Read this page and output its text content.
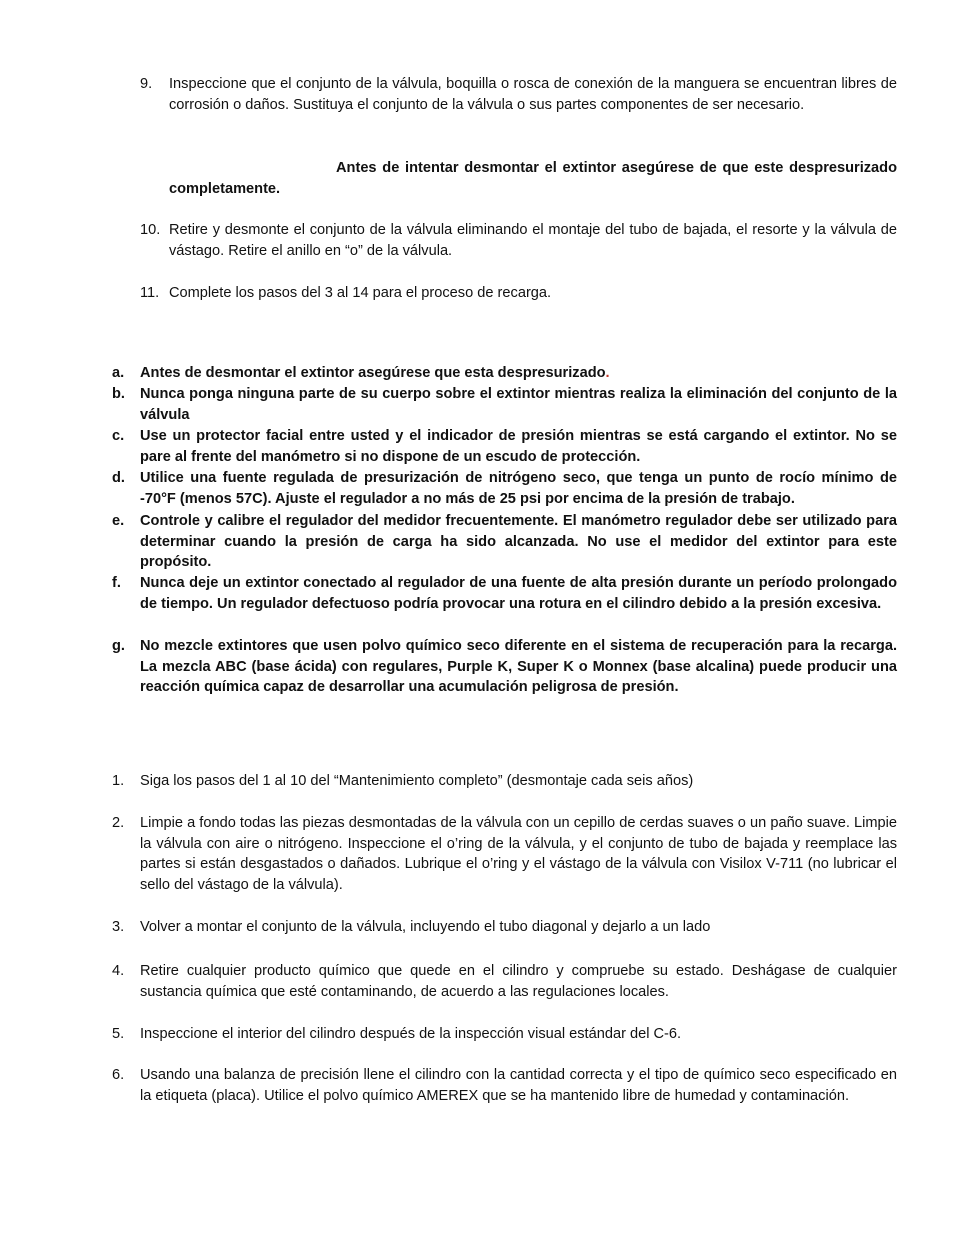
9.	Inspeccione que el conjunto de la válvula, boquilla o rosca de conexión de la manguera se encuentran libres de corrosión o daños. Sustituya el conjunto de la válvula o sus partes componentes de ser necesario.
Antes de intentar desmontar el extintor asegúrese de que este despresurizado completamente.
10. Retire y desmonte el conjunto de la válvula eliminando el montaje del tubo de bajada, el resorte y la válvula de vástago. Retire el anillo en “o” de la válvula.
11. Complete los pasos del 3 al 14 para el proceso de recarga.
a.	Antes de desmontar el extintor asegúrese que esta despresurizado.
b.	Nunca ponga ninguna parte de su cuerpo sobre el extintor mientras realiza la eliminación del conjunto de la válvula
c.	Use un protector facial entre usted y el indicador de presión mientras se está cargando el extintor. No se pare al frente del manómetro si no dispone de un escudo de protección.
d.	Utilice una fuente regulada de presurización de nitrógeno seco, que tenga un punto de rocío mínimo de -70°F (menos 57C). Ajuste el regulador a no más de 25 psi por encima de la presión de trabajo.
e.	Controle y calibre el regulador del medidor frecuentemente. El manómetro regulador debe ser utilizado para determinar cuando la presión de carga ha sido alcanzada. No use el medidor del extintor para este propósito.
f.	Nunca deje un extintor conectado al regulador de una fuente de alta presión durante un período prolongado de tiempo. Un regulador defectuoso podría provocar una rotura en el cilindro debido a la presión excesiva.
g.	No mezcle extintores que usen polvo químico seco diferente en el sistema de recuperación para la recarga. La mezcla ABC (base ácida) con regulares, Purple K, Super K o Monnex (base alcalina) puede producir una reacción química capaz de desarrollar una acumulación peligrosa de presión.
1.	Siga los pasos del 1 al 10 del “Mantenimiento completo” (desmontaje cada seis años)
2.	Limpie a fondo todas las piezas desmontadas de la válvula con un cepillo de cerdas suaves o un paño suave. Limpie la válvula con aire o nitrógeno. Inspeccione el o’ring de la válvula, y el conjunto de tubo de bajada y reemplace las partes si están desgastados o dañados. Lubrique el o’ring y el vástago de la válvula con Visilox V-711 (no lubricar el sello del vástago de la válvula).
3.	Volver a montar el conjunto de la válvula, incluyendo el tubo diagonal y dejarlo a un lado
4.	Retire cualquier producto químico que quede en el cilindro y compruebe su estado. Deshágase de cualquier sustancia química que esté contaminando, de acuerdo a las regulaciones locales.
5.	Inspeccione el interior del cilindro después de la inspección visual estándar del C-6.
6.	Usando una balanza de precisión llene el cilindro con la cantidad correcta y el tipo de químico seco especificado en la etiqueta (placa). Utilice el polvo químico AMEREX que se ha mantenido libre de humedad y contaminación.
